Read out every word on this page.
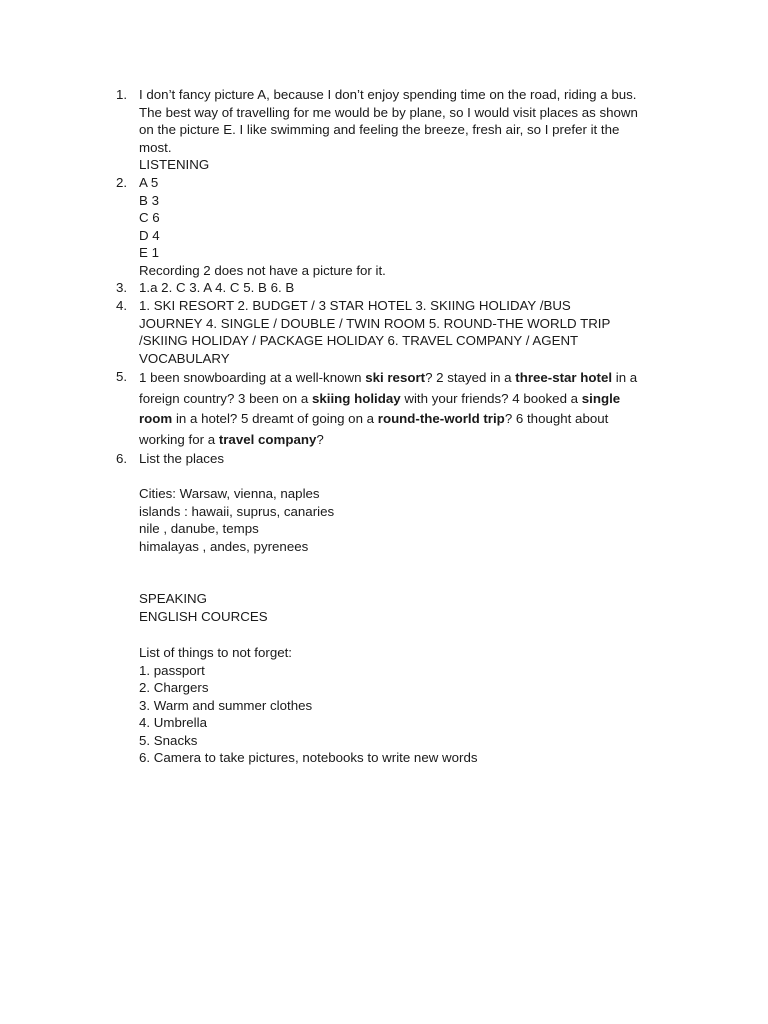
1. I don’t fancy picture A, because I don’t enjoy spending time on the road, riding a bus.
The best way of travelling for me would be by plane, so I would visit places as shown
on the picture E. I like swimming and feeling the breeze, fresh air, so I prefer it the
most.
LISTENING
2. A 5
B 3
C 6
D 4
E 1
Recording 2 does not have a picture for it.
3. 1.a 2. C 3. A 4. C 5. B 6. B
4. 1. SKI RESORT 2. BUDGET / 3 STAR HOTEL 3. SKIING HOLIDAY /BUS
JOURNEY 4. SINGLE / DOUBLE / TWIN ROOM 5. ROUND-THE WORLD TRIP
/SKIING HOLIDAY / PACKAGE HOLIDAY 6. TRAVEL COMPANY / AGENT
VOCABULARY
5. 1 been snowboarding at a well-known ski resort? 2 stayed in a three-star hotel in a
foreign country? 3 been on a skiing holiday with your friends? 4 booked a single
room in a hotel? 5 dreamt of going on a round-the-world trip? 6 thought about
working for a travel company?
6. List the places
Cities: Warsaw, vienna, naples
islands : hawaii, suprus, canaries
nile , danube, temps
himalayas , andes, pyrenees
SPEAKING
ENGLISH COURCES
List of things to not forget:
1. passport
2. Chargers
3. Warm and summer clothes
4. Umbrella
5. Snacks
6. Camera to take pictures, notebooks to write new words
